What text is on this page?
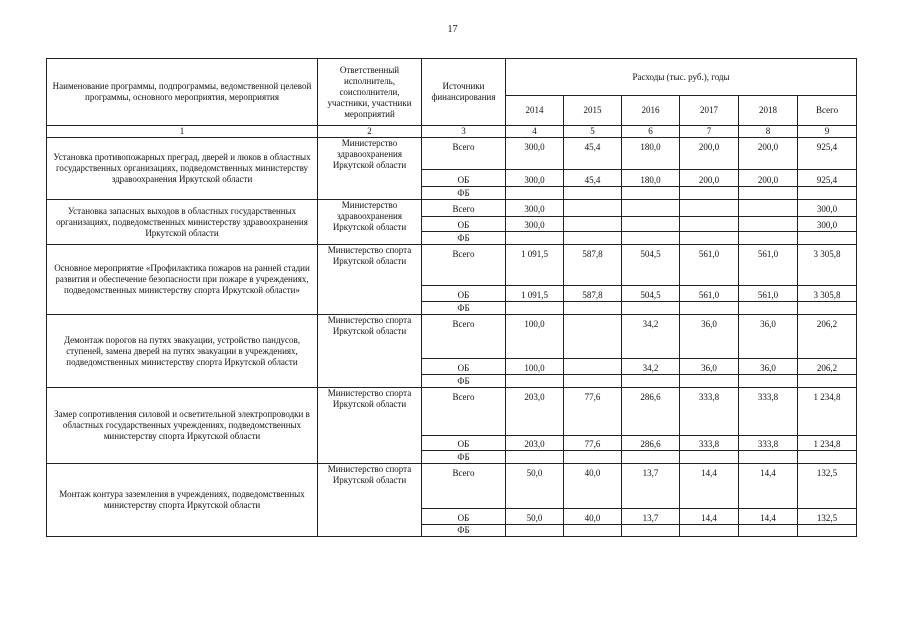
17
Наименование программы, подпрограммы, ведомственной целевой программы, основного мероприятия, мероприятия	Ответственный исполнитель, соисполнители, участники, участники мероприятий	Источники финансирования	Расходы (тыс. руб.), годы					
			2014	2015	2016	2017	2018	Всего
1	2	3	4	5	6	7	8	9
Установка противопожарных преград, дверей и люков в областных государственных организациях, подведомственных министерству здравоохранения Иркутской области	Министерство здравоохранения Иркутской области	Всего	300,0	45,4	180,0	200,0	200,0	925,4
		ОБ	300,0	45,4	180,0	200,0	200,0	925,4
		ФБ						
Установка запасных выходов в областных государственных организациях, подведомственных министерству здравоохранения Иркутской области	Министерство здравоохранения Иркутской области	Всего	300,0					300,0
		ОБ	300,0					300,0
		ФБ						
Основное мероприятие «Профилактика пожаров на ранней стадии развития и обеспечение безопасности при пожаре в учреждениях, подведомственных министерству спорта Иркутской области»	Министерство спорта Иркутской области	Всего	1 091,5	587,8	504,5	561,0	561,0	3 305,8
		ОБ	1 091,5	587,8	504,5	561,0	561,0	3 305,8
		ФБ						
Демонтаж порогов на путях эвакуации, устройство пандусов, ступеней, замена дверей на путях эвакуации в учреждениях, подведомственных министерству спорта Иркутской области	Министерство спорта Иркутской области	Всего	100,0		34,2	36,0	36,0	206,2
		ОБ	100,0		34,2	36,0	36,0	206,2
		ФБ						
Замер сопротивления силовой и осветительной электропроводки в областных государственных учреждениях, подведомственных министерству спорта Иркутской области	Министерство спорта Иркутской области	Всего	203,0	77,6	286,6	333,8	333,8	1 234,8
		ОБ	203,0	77,6	286,6	333,8	333,8	1 234,8
		ФБ						
Монтаж контура заземления в учреждениях, подведомственных министерству спорта Иркутской области	Министерство спорта Иркутской области	Всего	50,0	40,0	13,7	14,4	14,4	132,5
		ОБ	50,0	40,0	13,7	14,4	14,4	132,5
		ФБ						
